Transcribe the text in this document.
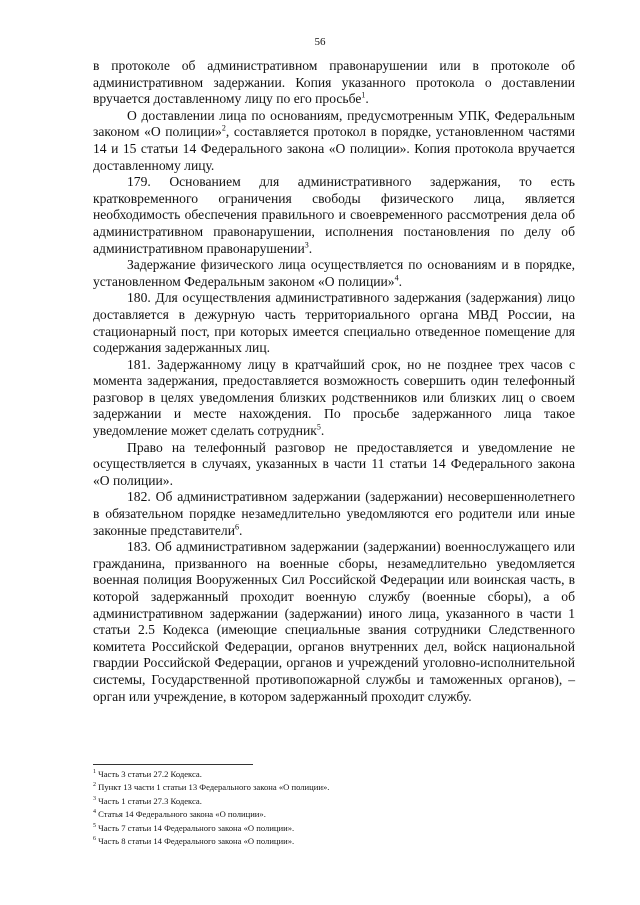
56

в протоколе об административном правонарушении или в протоколе об административном задержании. Копия указанного протокола о доставлении вручается доставленному лицу по его просьбе$^1$.

О доставлении лица по основаниям, предусмотренным УПК, Федеральным законом «О полиции»$^2$, составляется протокол в порядке, установленном частями 14 и 15 статьи 14 Федерального закона «О полиции». Копия протокола вручается доставленному лицу.

179. Основанием для административного задержания, то есть кратковременного ограничения свободы физического лица, является необходимость обеспечения правильного и своевременного рассмотрения дела об административном правонарушении, исполнения постановления по делу об административном правонарушении$^3$.

Задержание физического лица осуществляется по основаниям и в порядке, установленном Федеральным законом «О полиции»$^4$.

180. Для осуществления административного задержания (задержания) лицо доставляется в дежурную часть территориального органа МВД России, на стационарный пост, при которых имеется специально отведенное помещение для содержания задержанных лиц.

181. Задержанному лицу в кратчайший срок, но не позднее трех часов с момента задержания, предоставляется возможность совершить один телефонный разговор в целях уведомления близких родственников или близких лиц о своем задержании и месте нахождения. По просьбе задержанного лица такое уведомление может сделать сотрудник$^5$.

Право на телефонный разговор не предоставляется и уведомление не осуществляется в случаях, указанных в части 11 статьи 14 Федерального закона «О полиции».

182. Об административном задержании (задержании) несовершеннолетнего в обязательном порядке незамедлительно уведомляются его родители или иные законные представители$^6$.

183. Об административном задержании (задержании) военнослужащего или гражданина, призванного на военные сборы, незамедлительно уведомляется военная полиция Вооруженных Сил Российской Федерации или воинская часть, в которой задержанный проходит военную службу (военные сборы), а об административном задержании (задержании) иного лица, указанного в части 1 статьи 2.5 Кодекса (имеющие специальные звания сотрудники Следственного комитета Российской Федерации, органов внутренних дел, войск национальной гвардии Российской Федерации, органов и учреждений уголовно-исполнительной системы, Государственной противопожарной службы и таможенных органов), – орган или учреждение, в котором задержанный проходит службу.

$^1$ Часть 3 статьи 27.2 Кодекса.
$^2$ Пункт 13 части 1 статьи 13 Федерального закона «О полиции».
$^3$ Часть 1 статьи 27.3 Кодекса.
$^4$ Статья 14 Федерального закона «О полиции».
$^5$ Часть 7 статьи 14 Федерального закона «О полиции».
$^6$ Часть 8 статьи 14 Федерального закона «О полиции».
